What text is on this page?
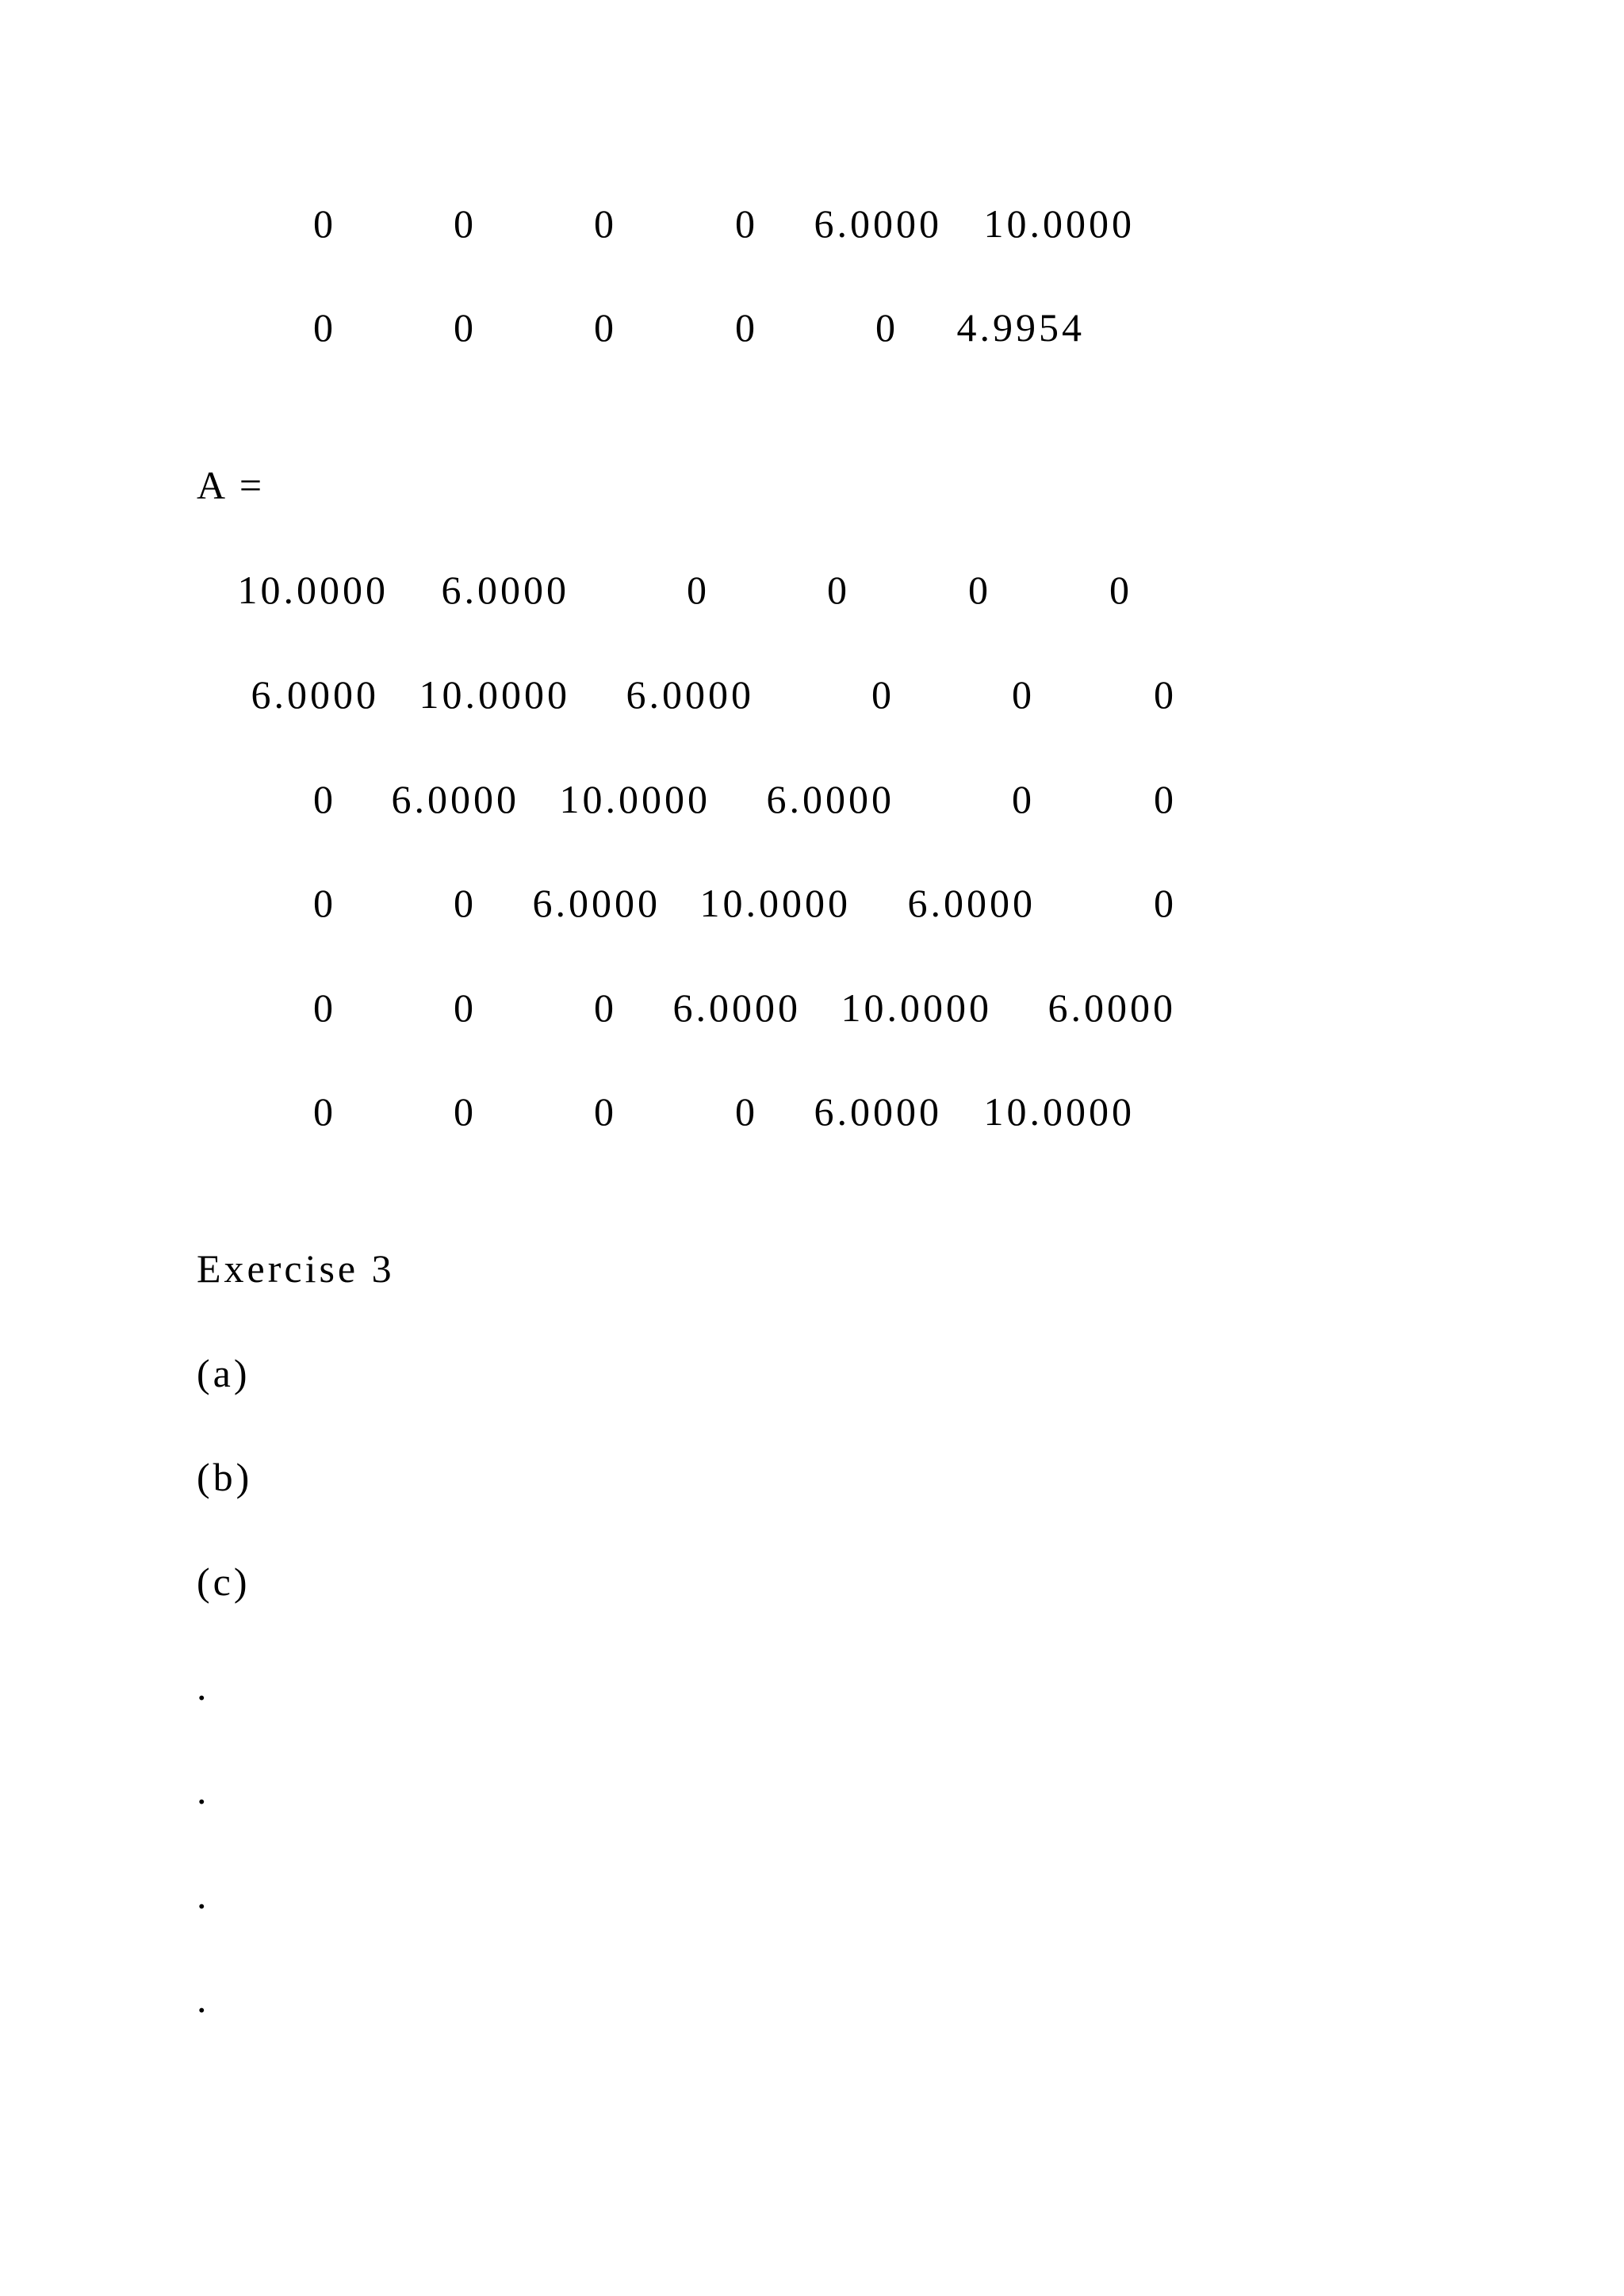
0	0	0	0 6.0000 10.0000
0	0	0	0	0 4.9954
A =
10.0000 6.0000	0	0	0	0
6.0000 10.0000 6.0000	0	0	0
0 6.0000 10.0000 6.0000	0	0
0	0 6.0000 10.0000 6.0000	0
0	0	0 6.0000 10.0000 6.0000
0	0	0	0 6.0000 10.0000
Exercise 3
(a)
(b)
(c)
.
.
.
.
